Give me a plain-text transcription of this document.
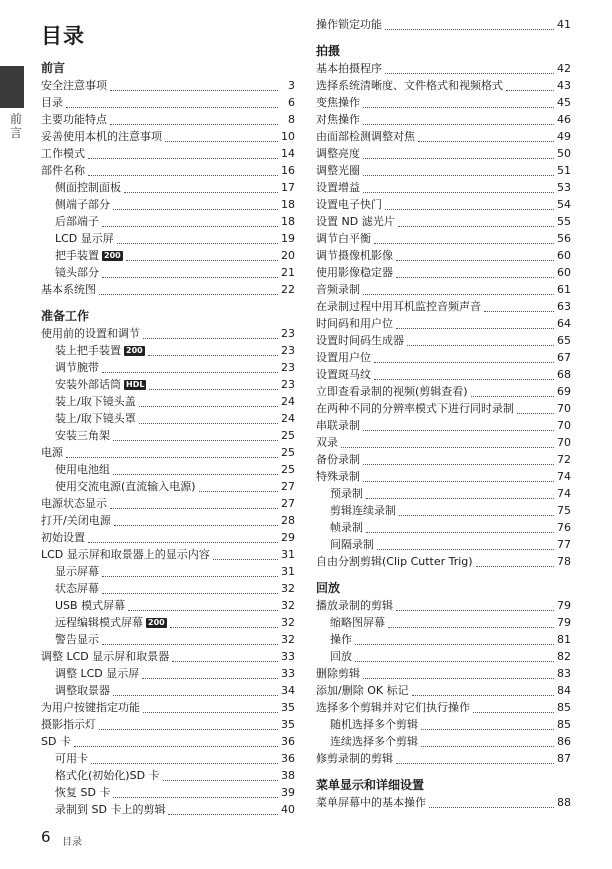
目录
前言
前言
安全注意事项	3
目录	6
主要功能特点	8
妥善使用本机的注意事项	10
工作模式	14
部件名称	16
侧面控制面板	17
侧端子部分	18
后部端子	18
LCD 显示屏	19
把手装置 200	20
镜头部分	21
基本系统图	22
准备工作
使用前的设置和调节	23
装上把手装置 200	23
调节腕带	23
安装外部话筒 HDL	23
装上/取下镜头盖	24
装上/取下镜头罩	24
安装三角架	25
电源	25
使用电池组	25
使用交流电源(直流输入电源)	27
电源状态显示	27
打开/关闭电源	28
初始设置	29
LCD 显示屏和取景器上的显示内容	31
显示屏幕	31
状态屏幕	32
USB 模式屏幕	32
远程编辑模式屏幕 200	32
警告显示	32
调整 LCD 显示屏和取景器	33
调整 LCD 显示屏	33
调整取景器	34
为用户按键指定功能	35
摄影指示灯	35
SD 卡	36
可用卡	36
格式化(初始化)SD 卡	38
恢复 SD 卡	39
录制到 SD 卡上的剪辑	40
操作锁定功能	41
拍摄
基本拍摄程序	42
选择系统清晰度、文件格式和视频格式	43
变焦操作	45
对焦操作	46
由面部检测调整对焦	49
调整亮度	50
调整光圈	51
设置增益	53
设置电子快门	54
设置 ND 滤光片	55
调节白平衡	56
调节摄像机影像	60
使用影像稳定器	60
音频录制	61
在录制过程中用耳机监控音频声音	63
时间码和用户位	64
设置时间码生成器	65
设置用户位	67
设置斑马纹	68
立即查看录制的视频(剪辑查看)	69
在两种不同的分辨率模式下进行同时录制	70
串联录制	70
双录	70
备份录制	72
特殊录制	74
预录制	74
剪辑连续录制	75
帧录制	76
间隔录制	77
自由分割剪辑(Clip Cutter Trig)	78
回放
播放录制的剪辑	79
缩略图屏幕	79
操作	81
回放	82
删除剪辑	83
添加/删除 OK 标记	84
选择多个剪辑并对它们执行操作	85
随机选择多个剪辑	85
连续选择多个剪辑	86
修剪录制的剪辑	87
菜单显示和详细设置
菜单屏幕中的基本操作	88
6 目录
